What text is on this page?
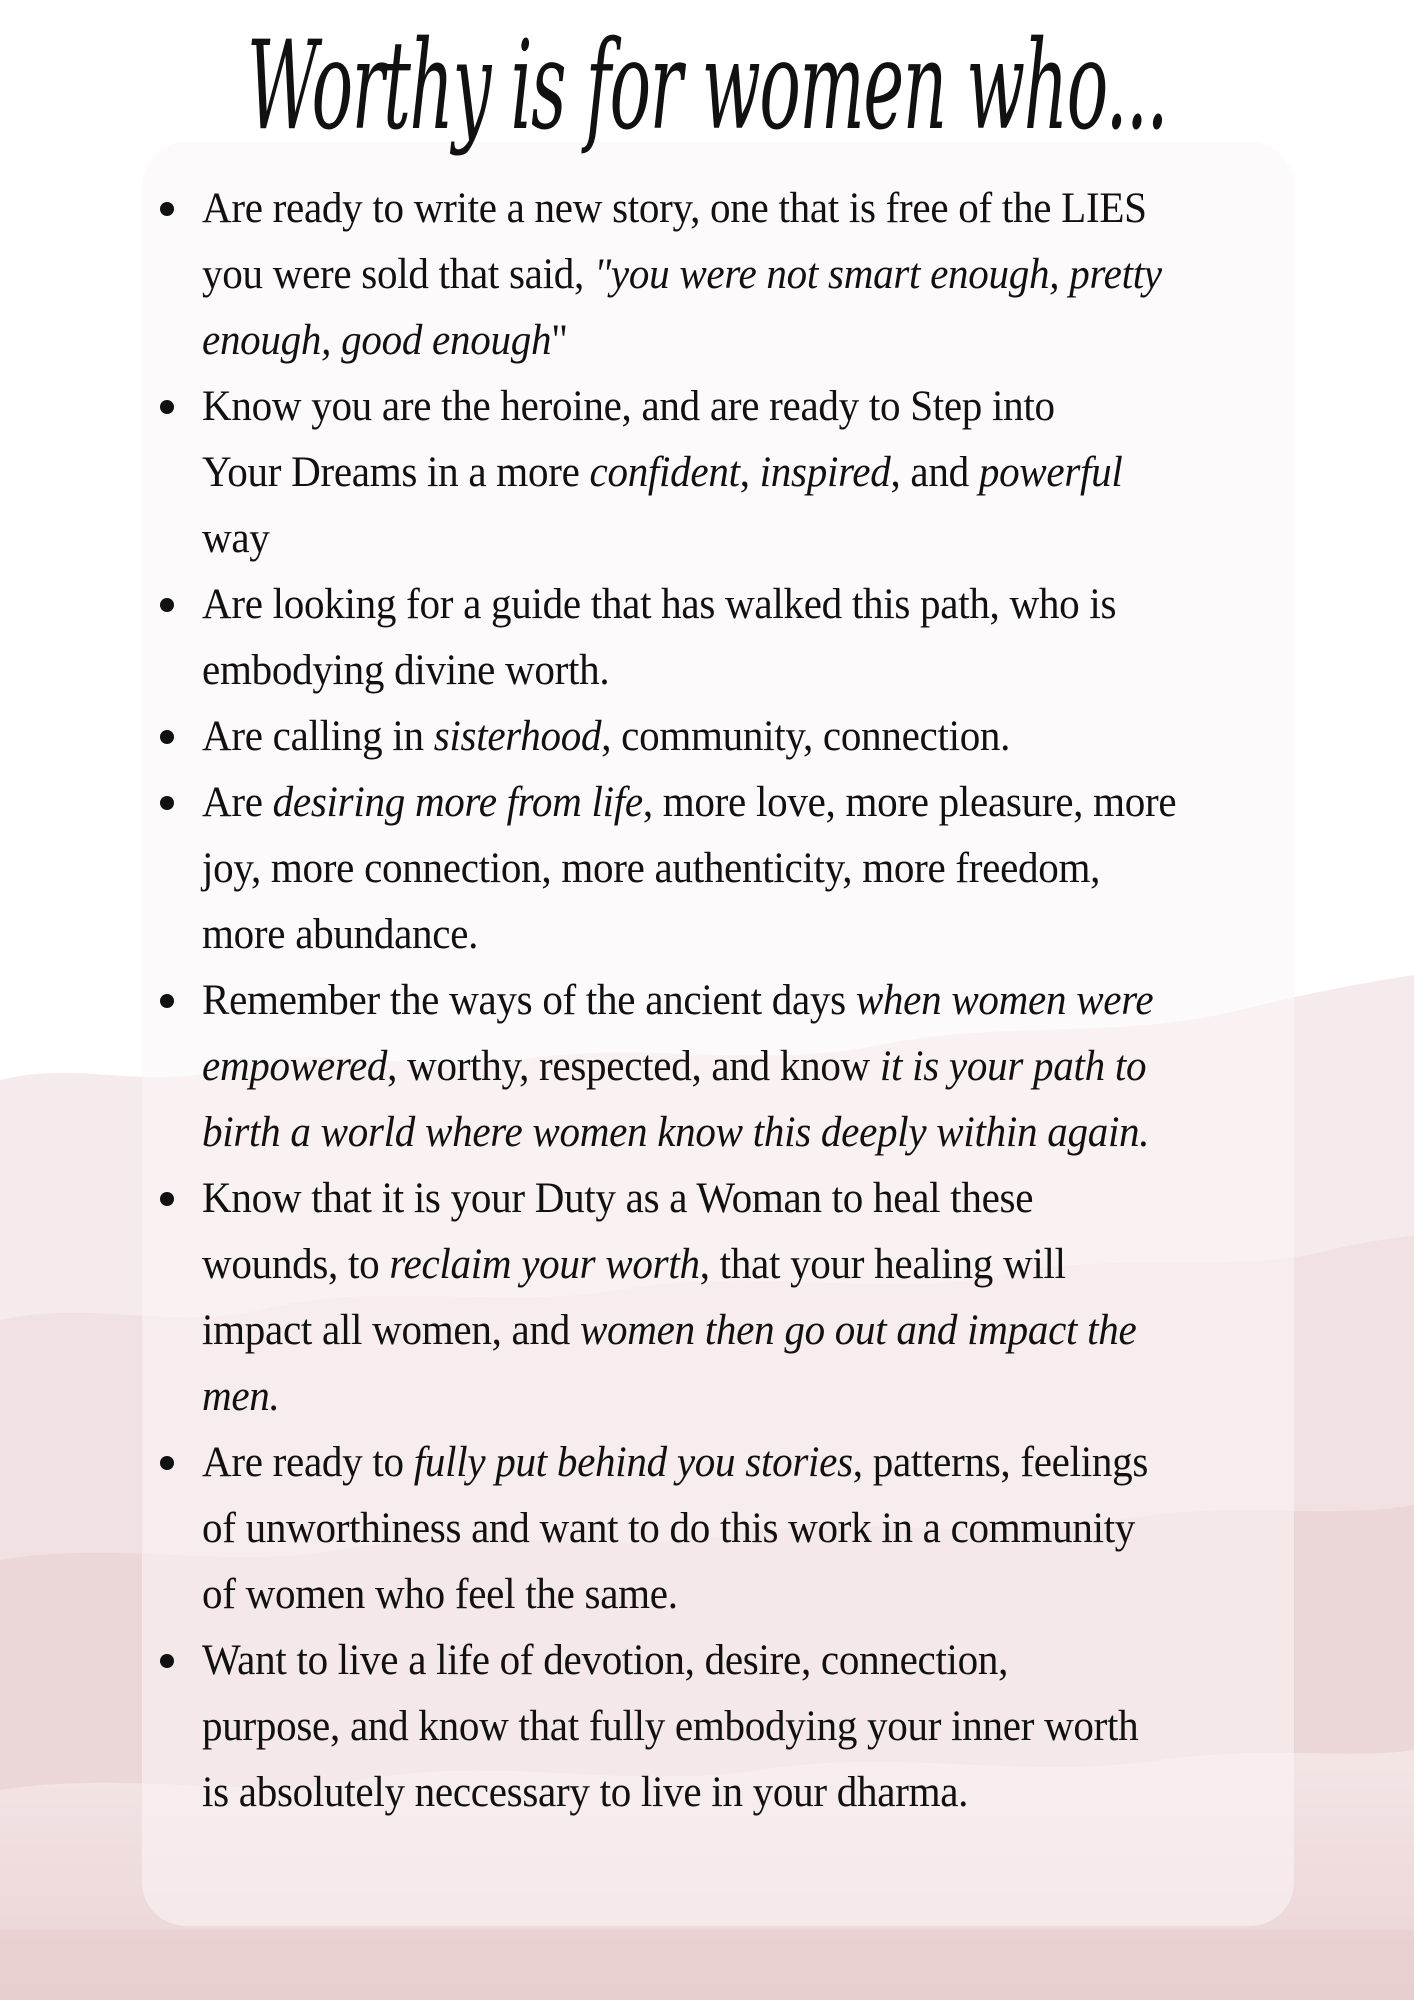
Worthy is for women who...
Are ready to write a new story, one that is free of the LIES
you were sold that said, "you were not smart enough, pretty
enough, good enough"
Know you are the heroine, and are ready to Step into
Your Dreams in a more confident, inspired, and powerful
way
Are looking for a guide that has walked this path, who is
embodying divine worth.
Are calling in sisterhood, community, connection.
Are desiring more from life, more love, more pleasure, more
joy, more connection, more authenticity, more freedom,
more abundance.
Remember the ways of the ancient days when women were
empowered, worthy, respected, and know it is your path to
birth a world where women know this deeply within again.
Know that it is your Duty as a Woman to heal these
wounds, to reclaim your worth, that your healing will
impact all women, and women then go out and impact the
men.
Are ready to fully put behind you stories, patterns, feelings
of unworthiness and want to do this work in a community
of women who feel the same.
Want to live a life of devotion, desire, connection,
purpose, and know that fully embodying your inner worth
is absolutely neccessary to live in your dharma.
